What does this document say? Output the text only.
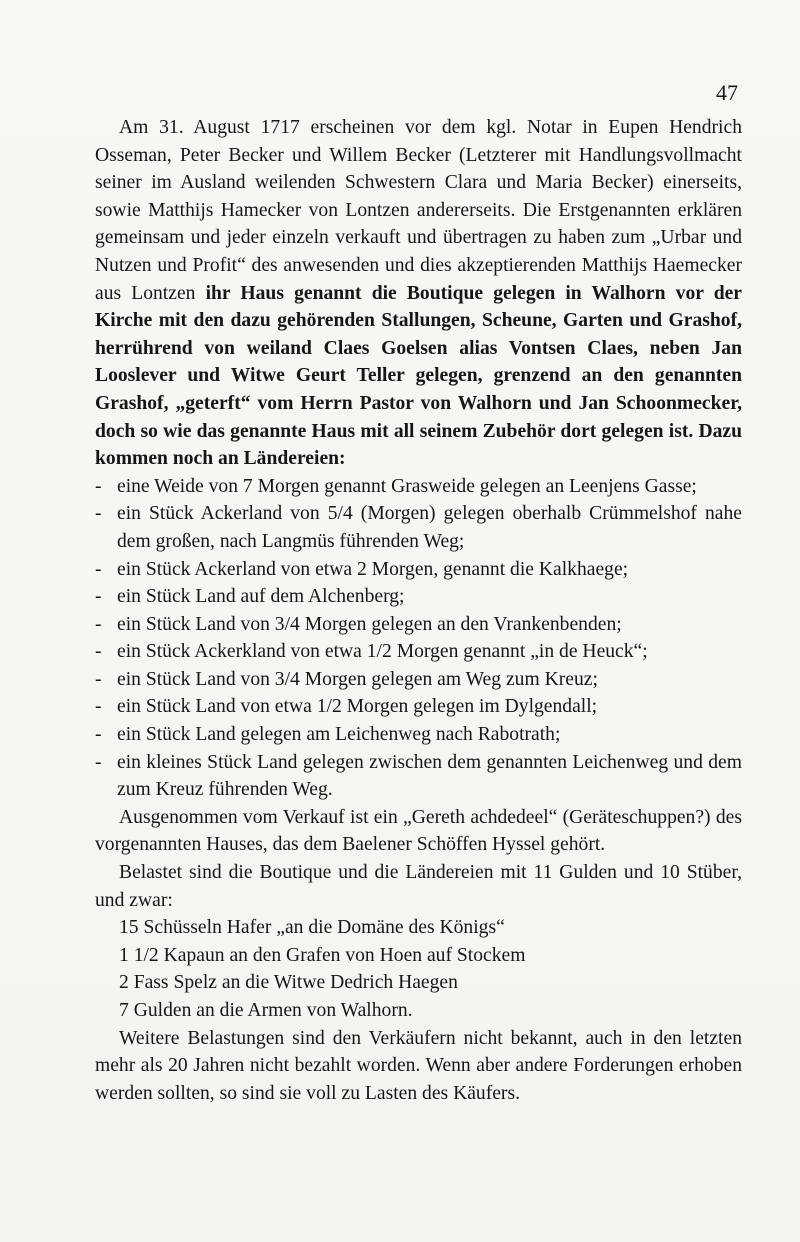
47

Am 31. August 1717 erscheinen vor dem kgl. Notar in Eupen Hendrich Osseman, Peter Becker und Willem Becker (Letzterer mit Handlungsvollmacht seiner im Ausland weilenden Schwestern Clara und Maria Becker) einerseits, sowie Matthijs Hamecker von Lontzen andererseits. Die Erstgenannten erklären gemeinsam und jeder einzeln verkauft und übertragen zu haben zum „Urbar und Nutzen und Profit“ des anwesenden und dies akzeptierenden Matthijs Haemecker aus Lontzen ihr Haus genannt die Boutique gelegen in Walhorn vor der Kirche mit den dazu gehörenden Stallungen, Scheune, Garten und Grashof, herrührend von weiland Claes Goelsen alias Vontsen Claes, neben Jan Looslever und Witwe Geurt Teller gelegen, grenzend an den genannten Grashof, „geterft“ vom Herrn Pastor von Walhorn und Jan Schoonmecker, doch so wie das genannte Haus mit all seinem Zubehör dort gelegen ist. Dazu kommen noch an Ländereien:

- eine Weide von 7 Morgen genannt Grasweide gelegen an Leenjens Gasse;
- ein Stück Ackerland von 5/4 (Morgen) gelegen oberhalb Crümmelshof nahe dem großen, nach Langmüs führenden Weg;
- ein Stück Ackerland von etwa 2 Morgen, genannt die Kalkhaege;
- ein Stück Land auf dem Alchenberg;
- ein Stück Land von 3/4 Morgen gelegen an den Vrankenbenden;
- ein Stück Ackerkland von etwa 1/2 Morgen genannt „in de Heuck“;
- ein Stück Land von 3/4 Morgen gelegen am Weg zum Kreuz;
- ein Stück Land von etwa 1/2 Morgen gelegen im Dylgendall;
- ein Stück Land gelegen am Leichenweg nach Rabotrath;
- ein kleines Stück Land gelegen zwischen dem genannten Leichenweg und dem zum Kreuz führenden Weg.

Ausgenommen vom Verkauf ist ein „Gereth achdedeel“ (Geräteschuppen?) des vorgenannten Hauses, das dem Baelener Schöffen Hyssel gehört.

Belastet sind die Boutique und die Ländereien mit 11 Gulden und 10 Stüber, und zwar:

15 Schüsseln Hafer „an die Domäne des Königs“
1 1/2 Kapaun an den Grafen von Hoen auf Stockem
2 Fass Spelz an die Witwe Dedrich Haegen
7 Gulden an die Armen von Walhorn.

Weitere Belastungen sind den Verkäufern nicht bekannt, auch in den letzten mehr als 20 Jahren nicht bezahlt worden. Wenn aber andere Forderungen erhoben werden sollten, so sind sie voll zu Lasten des Käufers.
